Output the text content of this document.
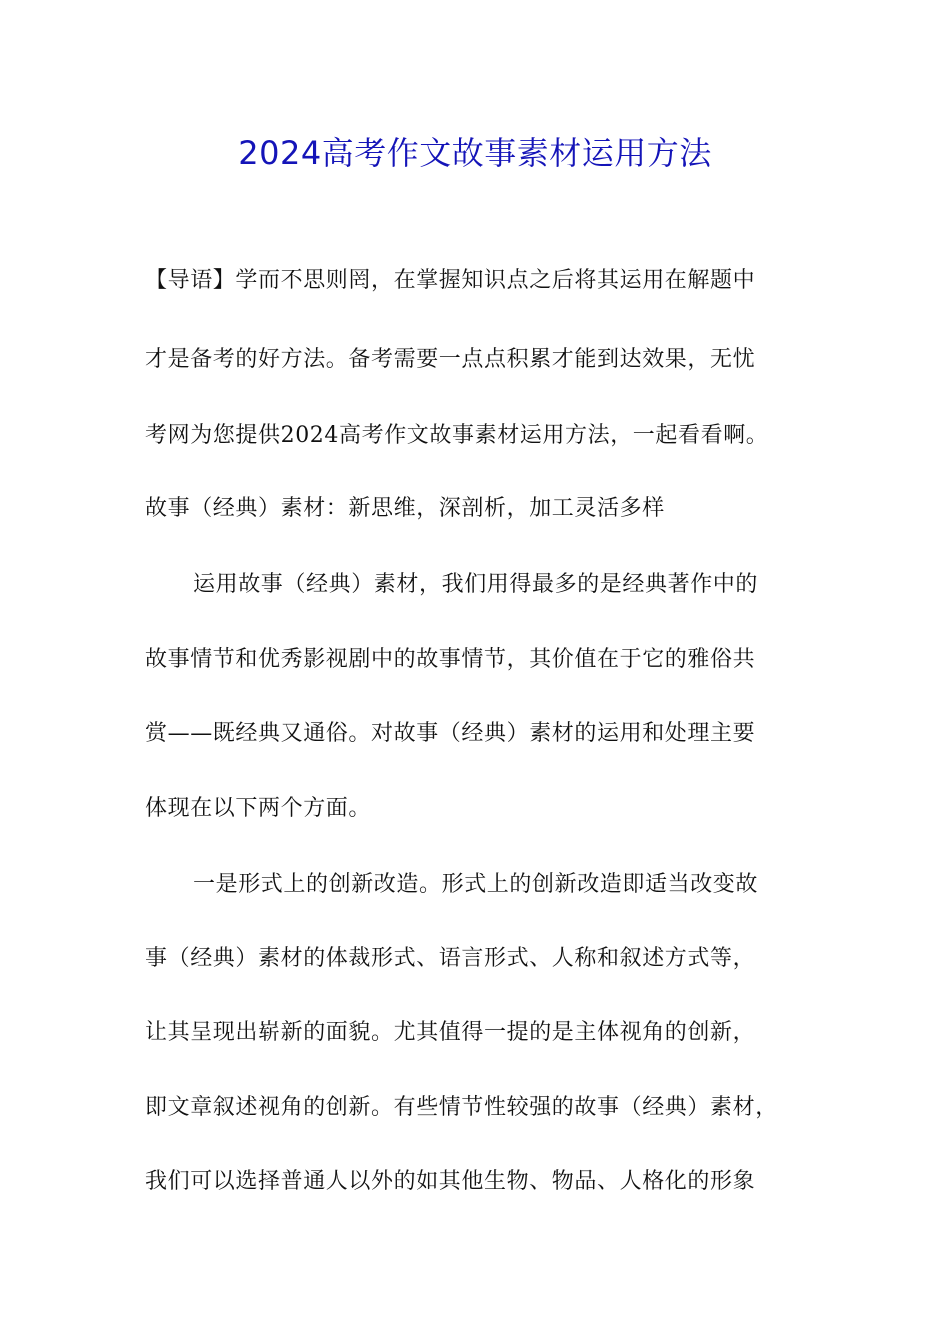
2024高考作文故事素材运用方法
【导语】学而不思则罔，在掌握知识点之后将其运用在解题中
才是备考的好方法。备考需要一点点积累才能到达效果，无忧
考网为您提供2024高考作文故事素材运用方法，一起看看啊。
故事（经典）素材：新思维，深剖析，加工灵活多样
运用故事（经典）素材，我们用得最多的是经典著作中的
故事情节和优秀影视剧中的故事情节，其价值在于它的雅俗共
赏——既经典又通俗。对故事（经典）素材的运用和处理主要
体现在以下两个方面。
一是形式上的创新改造。形式上的创新改造即适当改变故
事（经典）素材的体裁形式、语言形式、人称和叙述方式等，
让其呈现出崭新的面貌。尤其值得一提的是主体视角的创新，
即文章叙述视角的创新。有些情节性较强的故事（经典）素材，
我们可以选择普通人以外的如其他生物、物品、人格化的形象
